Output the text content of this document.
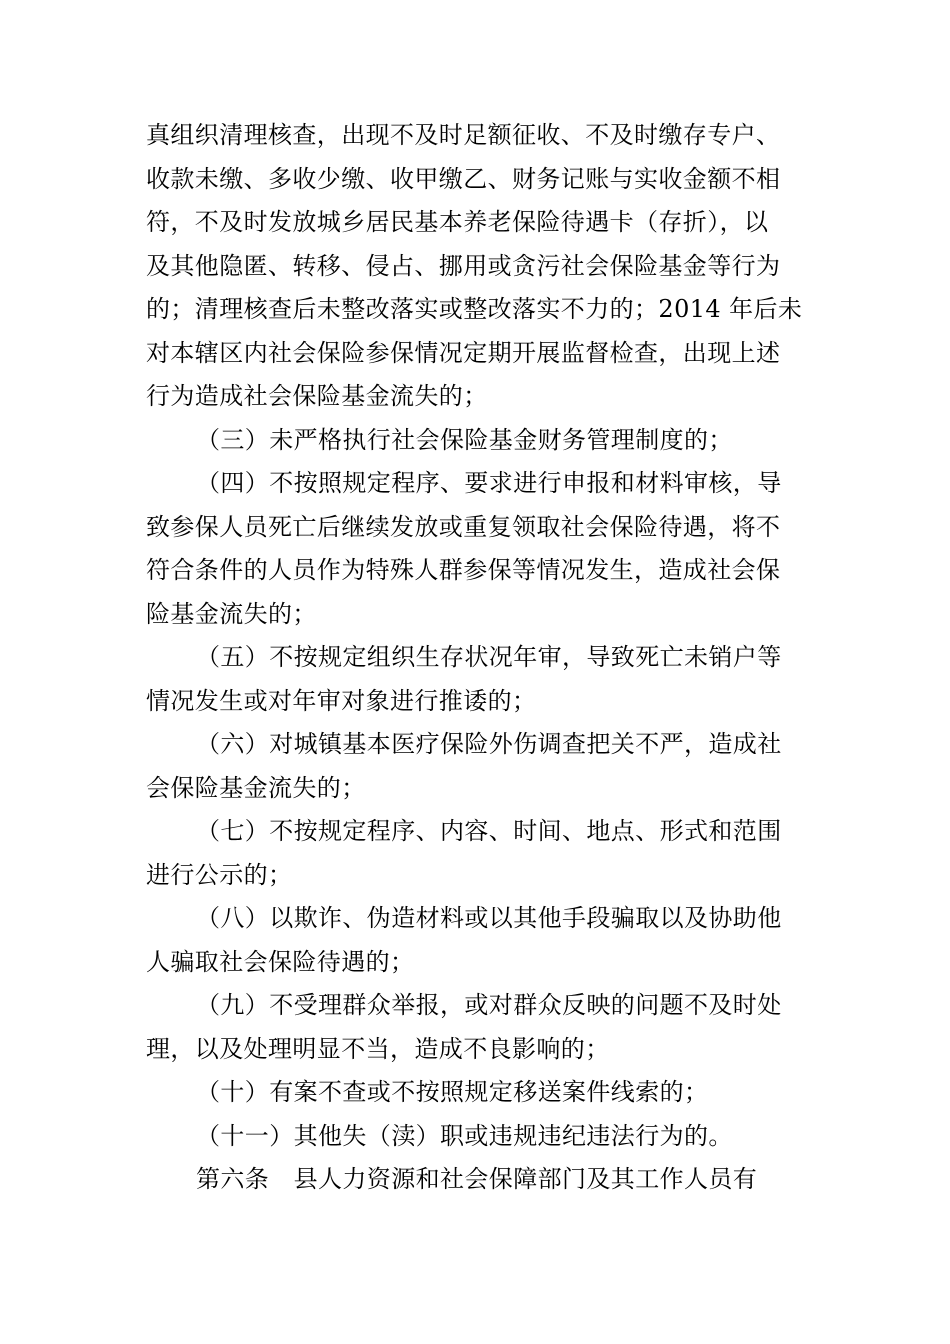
真组织清理核查，出现不及时足额征收、不及时缴存专户、
收款未缴、多收少缴、收甲缴乙、财务记账与实收金额不相
符，不及时发放城乡居民基本养老保险待遇卡（存折），以
及其他隐匿、转移、侵占、挪用或贪污社会保险基金等行为
的；清理核查后未整改落实或整改落实不力的；2014 年后未
对本辖区内社会保险参保情况定期开展监督检查，出现上述
行为造成社会保险基金流失的；
（三）未严格执行社会保险基金财务管理制度的；
（四）不按照规定程序、要求进行申报和材料审核，导
致参保人员死亡后继续发放或重复领取社会保险待遇，将不
符合条件的人员作为特殊人群参保等情况发生，造成社会保
险基金流失的；
（五）不按规定组织生存状况年审，导致死亡未销户等
情况发生或对年审对象进行推诿的；
（六）对城镇基本医疗保险外伤调查把关不严，造成社
会保险基金流失的；
（七）不按规定程序、内容、时间、地点、形式和范围
进行公示的；
（八）以欺诈、伪造材料或以其他手段骗取以及协助他
人骗取社会保险待遇的；
（九）不受理群众举报，或对群众反映的问题不及时处
理，以及处理明显不当，造成不良影响的；
（十）有案不查或不按照规定移送案件线索的；
（十一）其他失（渎）职或违规违纪违法行为的。
第六条　县人力资源和社会保障部门及其工作人员有
